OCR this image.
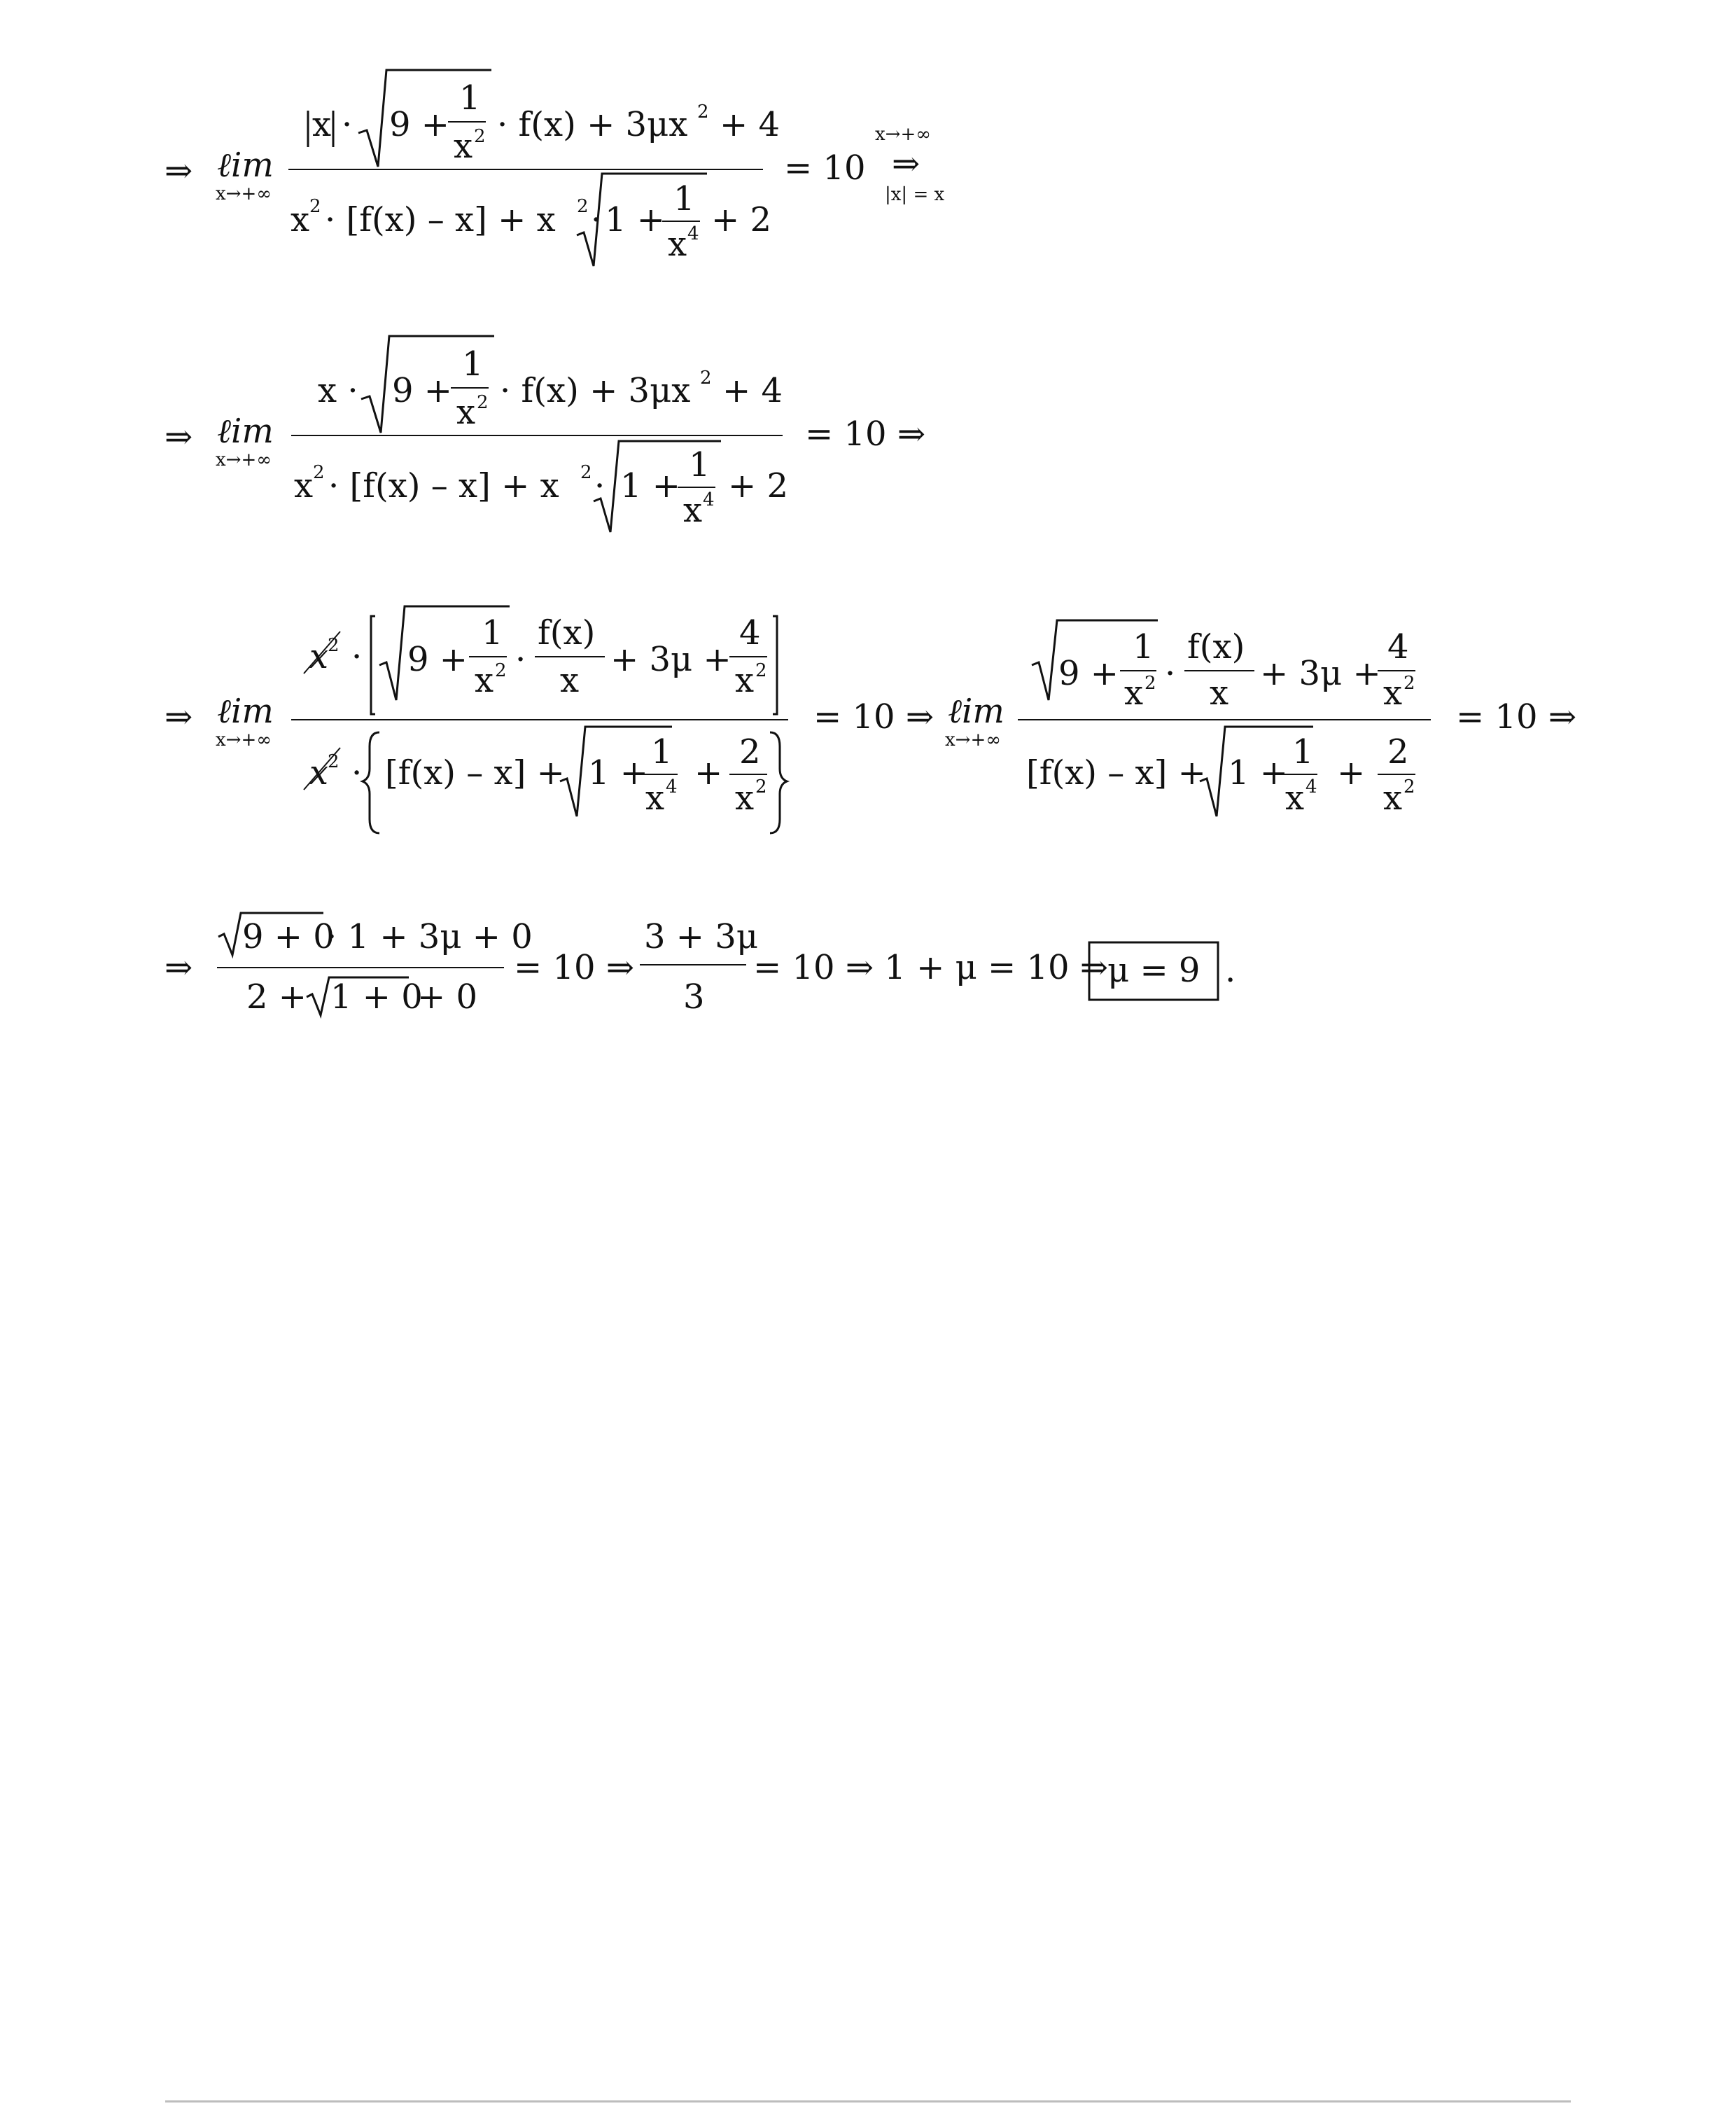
⇒ ℓim
x→+∞
x · 9 +
1
x 2 · f(x) + 3μx 2 + 4
x 2 · [f(x) – x] + x 2 · 1 +
1
x 4 + 2
= 10
x→+∞
⇒
|x| = x
⇒ ℓim
x→+∞
x · 9 +
1
x 2 · f(x) + 3μx 2 + 4
x 2 · [f(x) – x] + x 2 · 1 +
1
x 4 + 2
= 10 ⇒
⇒ ℓim
x→+∞
x
2 · 9 +
1
x 2 ·
f(x)
x
+ 3μ +
4
x 2
x
2 · [f(x) – x] + 1 +
1
x 4 +
2
x 2
= 10 ⇒ ℓim
x→+∞
9 +
1
x 2 ·
f(x)
x + 3μ +
4
x 2
[f(x) – x] + 1 +
1
x 4 +
2
x 2
= 10 ⇒
⇒
9 + 0
· 1 + 3μ + 0
2 + 1 + 0
+ 0
= 10 ⇒
3 + 3μ
3
= 10 ⇒ 1 + μ = 10 ⇒
μ = 9 .
